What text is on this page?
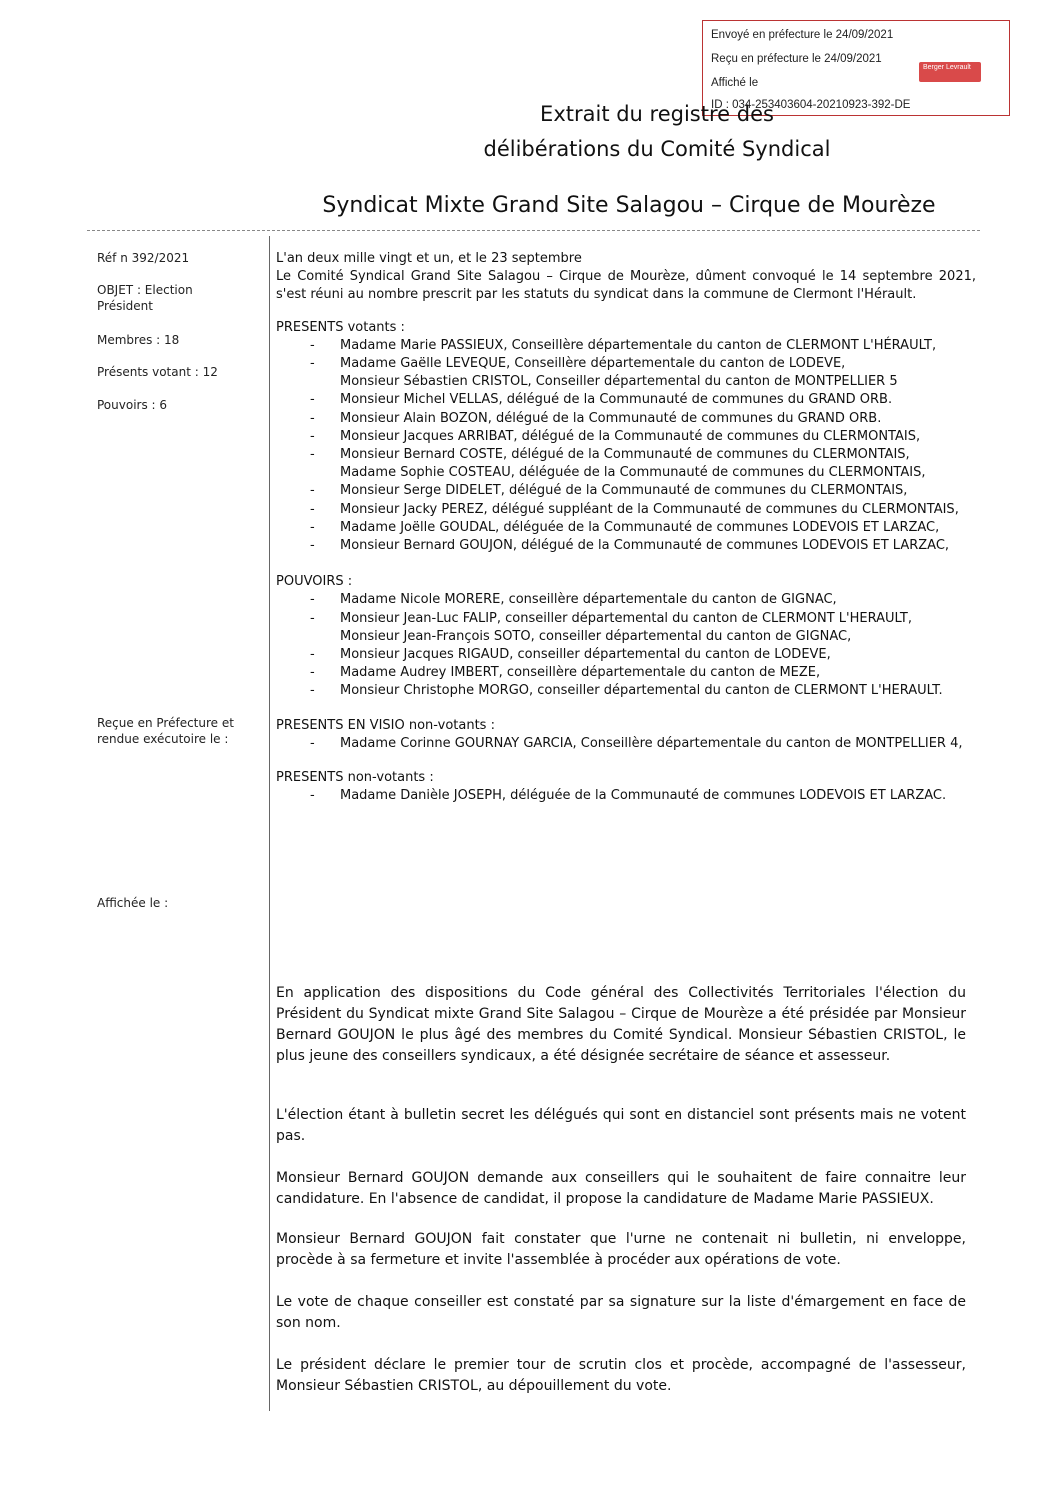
Envoyé en préfecture le 24/09/2021
Reçu en préfecture le 24/09/2021
Affiché le
ID : 034-253403604-20210923-392-DE
Berger Levrault
Extrait du registre des
délibérations du Comité Syndical
Syndicat Mixte Grand Site Salagou – Cirque de Mourèze
Réf n 392/2021
OBJET : Election Président
Membres : 18
Présents votant : 12
Pouvoirs : 6
Reçue en Préfecture et rendue exécutoire le :
Affichée le :

L'an deux mille vingt et un, et le 23 septembre

Le Comité Syndical Grand Site Salagou – Cirque de Mourèze, dûment convoqué le 14 septembre 2021, s'est réuni au nombre prescrit par les statuts du syndicat dans la commune de Clermont l'Hérault.

PRESENTS votants :

- Madame Marie PASSIEUX, Conseillère départementale du canton de CLERMONT L'HÉRAULT,
- Madame Gaëlle LEVEQUE, Conseillère départementale du canton de LODEVE,
Monsieur Sébastien CRISTOL, Conseiller départemental du canton de MONTPELLIER 5
- Monsieur Michel VELLAS, délégué de la Communauté de communes du GRAND ORB.
- Monsieur Alain BOZON, délégué de la Communauté de communes du GRAND ORB.
- Monsieur Jacques ARRIBAT, délégué de la Communauté de communes du CLERMONTAIS,
- Monsieur Bernard COSTE, délégué de la Communauté de communes du CLERMONTAIS,
Madame Sophie COSTEAU, déléguée de la Communauté de communes du CLERMONTAIS,
- Monsieur Serge DIDELET, délégué de la Communauté de communes du CLERMONTAIS,
- Monsieur Jacky PEREZ, délégué suppléant de la Communauté de communes du CLERMONTAIS,
- Madame Joëlle GOUDAL, déléguée de la Communauté de communes LODEVOIS ET LARZAC,
- Monsieur Bernard GOUJON, délégué de la Communauté de communes LODEVOIS ET LARZAC,

POUVOIRS :

- Madame Nicole MORERE, conseillère départementale du canton de GIGNAC,
- Monsieur Jean-Luc FALIP, conseiller départemental du canton de CLERMONT L'HERAULT,
Monsieur Jean-François SOTO, conseiller départemental du canton de GIGNAC,
- Monsieur Jacques RIGAUD, conseiller départemental du canton de LODEVE,
- Madame Audrey IMBERT, conseillère départementale du canton de MEZE,
- Monsieur Christophe MORGO, conseiller départemental du canton de CLERMONT L'HERAULT.

PRESENTS EN VISIO non-votants :

- Madame Corinne GOURNAY GARCIA, Conseillère départementale du canton de MONTPELLIER 4,

PRESENTS non-votants :

- Madame Danièle JOSEPH, déléguée de la Communauté de communes LODEVOIS ET LARZAC.
En application des dispositions du Code général des Collectivités Territoriales l'élection du Président du Syndicat mixte Grand Site Salagou – Cirque de Mourèze a été présidée par Monsieur Bernard GOUJON le plus âgé des membres du Comité Syndical. Monsieur Sébastien CRISTOL, le plus jeune des conseillers syndicaux, a été désignée secrétaire de séance et assesseur.
L'élection étant à bulletin secret les délégués qui sont en distanciel sont présents mais ne votent pas.
Monsieur Bernard GOUJON demande aux conseillers qui le souhaitent de faire connaitre leur candidature. En l'absence de candidat, il propose la candidature de Madame Marie PASSIEUX.
Monsieur Bernard GOUJON fait constater que l'urne ne contenait ni bulletin, ni enveloppe, procède à sa fermeture et invite l'assemblée à procéder aux opérations de vote.
Le vote de chaque conseiller est constaté par sa signature sur la liste d'émargement en face de son nom.
Le président déclare le premier tour de scrutin clos et procède, accompagné de l'assesseur, Monsieur Sébastien CRISTOL, au dépouillement du vote.
